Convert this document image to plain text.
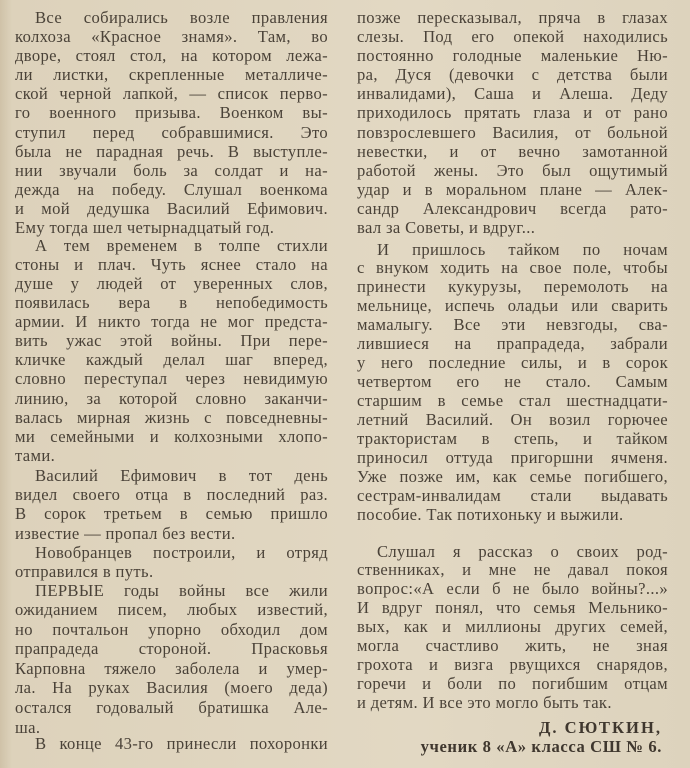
Все собирались возле правления
колхоза «Красное знамя». Там, во
дворе, стоял стол, на котором лежа-
ли листки, скрепленные металличе-
ской черной лапкой, — список перво-
го военного призыва. Военком вы-
ступил перед собравшимися. Это
была не парадная речь. В выступле-
нии звучали боль за солдат и на-
дежда на победу. Слушал военкома
и мой дедушка Василий Ефимович.
Ему тогда шел четырнадцатый год.
А тем временем в толпе стихли
стоны и плач. Чуть яснее стало на
душе у людей от уверенных слов,
появилась вера в непобедимость
армии. И никто тогда не мог предста-
вить ужас этой войны. При пере-
кличке каждый делал шаг вперед,
словно переступал через невидимую
линию, за которой словно заканчи-
валась мирная жизнь с повседневны-
ми семейными и колхозными хлопо-
тами.
Василий Ефимович в тот день
видел своего отца в последний раз.
В сорок третьем в семью пришло
известие — пропал без вести.
Новобранцев построили, и отряд
отправился в путь.
ПЕРВЫЕ годы войны все жили
ожиданием писем, любых известий,
но почтальон упорно обходил дом
прапрадеда стороной. Прасковья
Карповна тяжело заболела и умер-
ла. На руках Василия (моего деда)
остался годовалый братишка Але-
ша.
В конце 43-го принесли похоронки
позже пересказывал, пряча в глазах
слезы. Под его опекой находились
постоянно голодные маленькие Ню-
ра, Дуся (девочки с детства были
инвалидами), Саша и Алеша. Деду
приходилось прятать глаза и от рано
повзрослевшего Василия, от больной
невестки, и от вечно замотанной
работой жены. Это был ощутимый
удар и в моральном плане — Алек-
сандр Александрович всегда рато-
вал за Советы, и вдруг...
И пришлось тайком по ночам
с внуком ходить на свое поле, чтобы
принести кукурузы, перемолоть на
мельнице, испечь оладьи или сварить
мамалыгу. Все эти невзгоды, сва-
лившиеся на прапрадеда, забрали
у него последние силы, и в сорок
четвертом его не стало. Самым
старшим в семье стал шестнадцати-
летний Василий. Он возил горючее
трактористам в степь, и тайком
приносил оттуда пригоршни ячменя.
Уже позже им, как семье погибшего,
сестрам-инвалидам стали выдавать
пособие. Так потихоньку и выжили.
Слушал я рассказ о своих род-
ственниках, и мне не давал покоя
вопрос:«А если б не было войны?...»
И вдруг понял, что семья Мельнико-
вых, как и миллионы других семей,
могла счастливо жить, не зная
грохота и визга рвущихся снарядов,
горечи и боли по погибшим отцам
и детям. И все это могло быть так.
Д. СЮТКИН,
ученик 8 «А» класса СШ № 6.
